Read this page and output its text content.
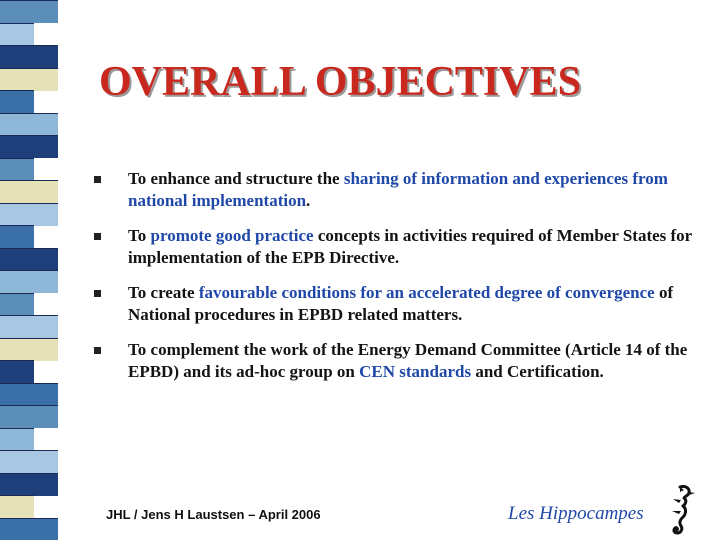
OVERALL OBJECTIVES
To enhance and structure the sharing of information and experiences from national implementation.
To promote good practice concepts in activities required of Member States for implementation of the EPB Directive.
To create favourable conditions for an accelerated degree of convergence of National procedures in EPBD related matters.
To complement the work of the Energy Demand Committee (Article 14 of the EPBD) and its ad-hoc group on CEN standards and Certification.
JHL / Jens H Laustsen – April 2006	Les Hippocampes
